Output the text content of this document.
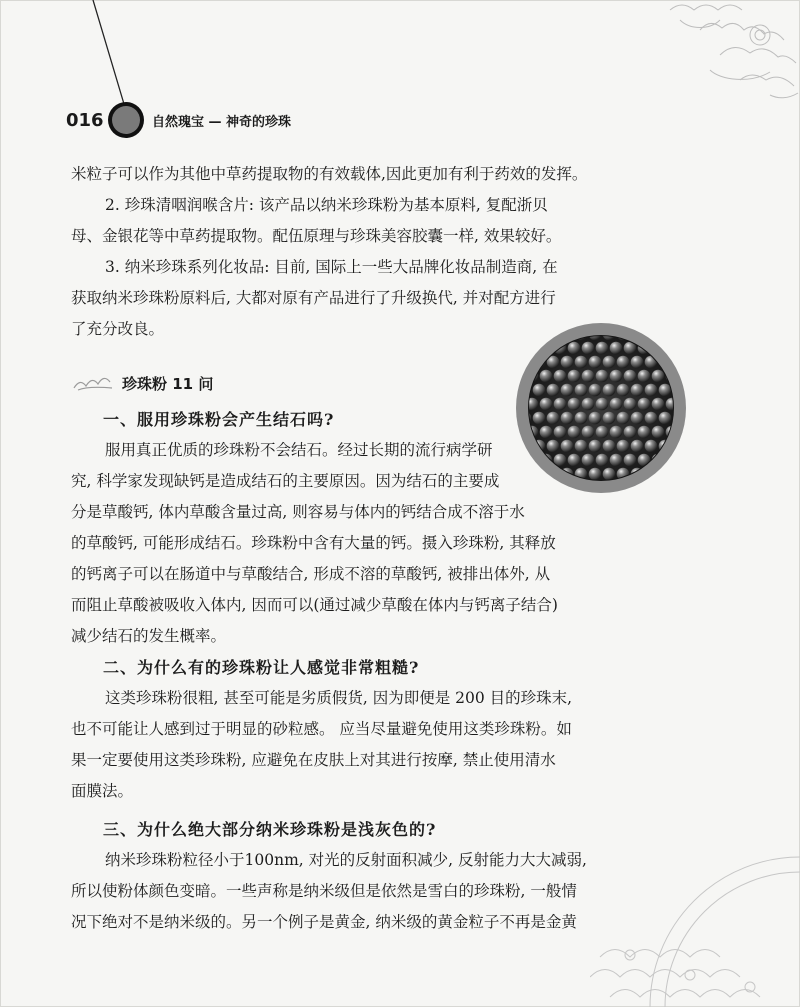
016	自然瑰宝 — 神奇的珍珠
米粒子可以作为其他中草药提取物的有效载体,因此更加有利于药效的发挥。
2. 珍珠清咽润喉含片: 该产品以纳米珍珠粉为基本原料, 复配浙贝
母、金银花等中草药提取物。配伍原理与珍珠美容胶囊一样, 效果较好。
3. 纳米珍珠系列化妆品: 目前, 国际上一些大品牌化妆品制造商, 在
获取纳米珍珠粉原料后, 大都对原有产品进行了升级换代, 并对配方进行
了充分改良。
珍珠粉 11 问
一、服用珍珠粉会产生结石吗?
服用真正优质的珍珠粉不会结石。经过长期的流行病学研
究, 科学家发现缺钙是造成结石的主要原因。因为结石的主要成
分是草酸钙, 体内草酸含量过高, 则容易与体内的钙结合成不溶于水
的草酸钙, 可能形成结石。珍珠粉中含有大量的钙。摄入珍珠粉, 其释放
的钙离子可以在肠道中与草酸结合, 形成不溶的草酸钙, 被排出体外, 从
而阻止草酸被吸收入体内, 因而可以(通过减少草酸在体内与钙离子结合)
减少结石的发生概率。
二、为什么有的珍珠粉让人感觉非常粗糙?
这类珍珠粉很粗, 甚至可能是劣质假货, 因为即便是 200 目的珍珠末,
也不可能让人感到过于明显的砂粒感。 应当尽量避免使用这类珍珠粉。如
果一定要使用这类珍珠粉, 应避免在皮肤上对其进行按摩, 禁止使用清水
面膜法。
三、为什么绝大部分纳米珍珠粉是浅灰色的?
纳米珍珠粉粒径小于100nm, 对光的反射面积减少, 反射能力大大减弱,
所以使粉体颜色变暗。一些声称是纳米级但是依然是雪白的珍珠粉, 一般情
况下绝对不是纳米级的。另一个例子是黄金, 纳米级的黄金粒子不再是金黄
